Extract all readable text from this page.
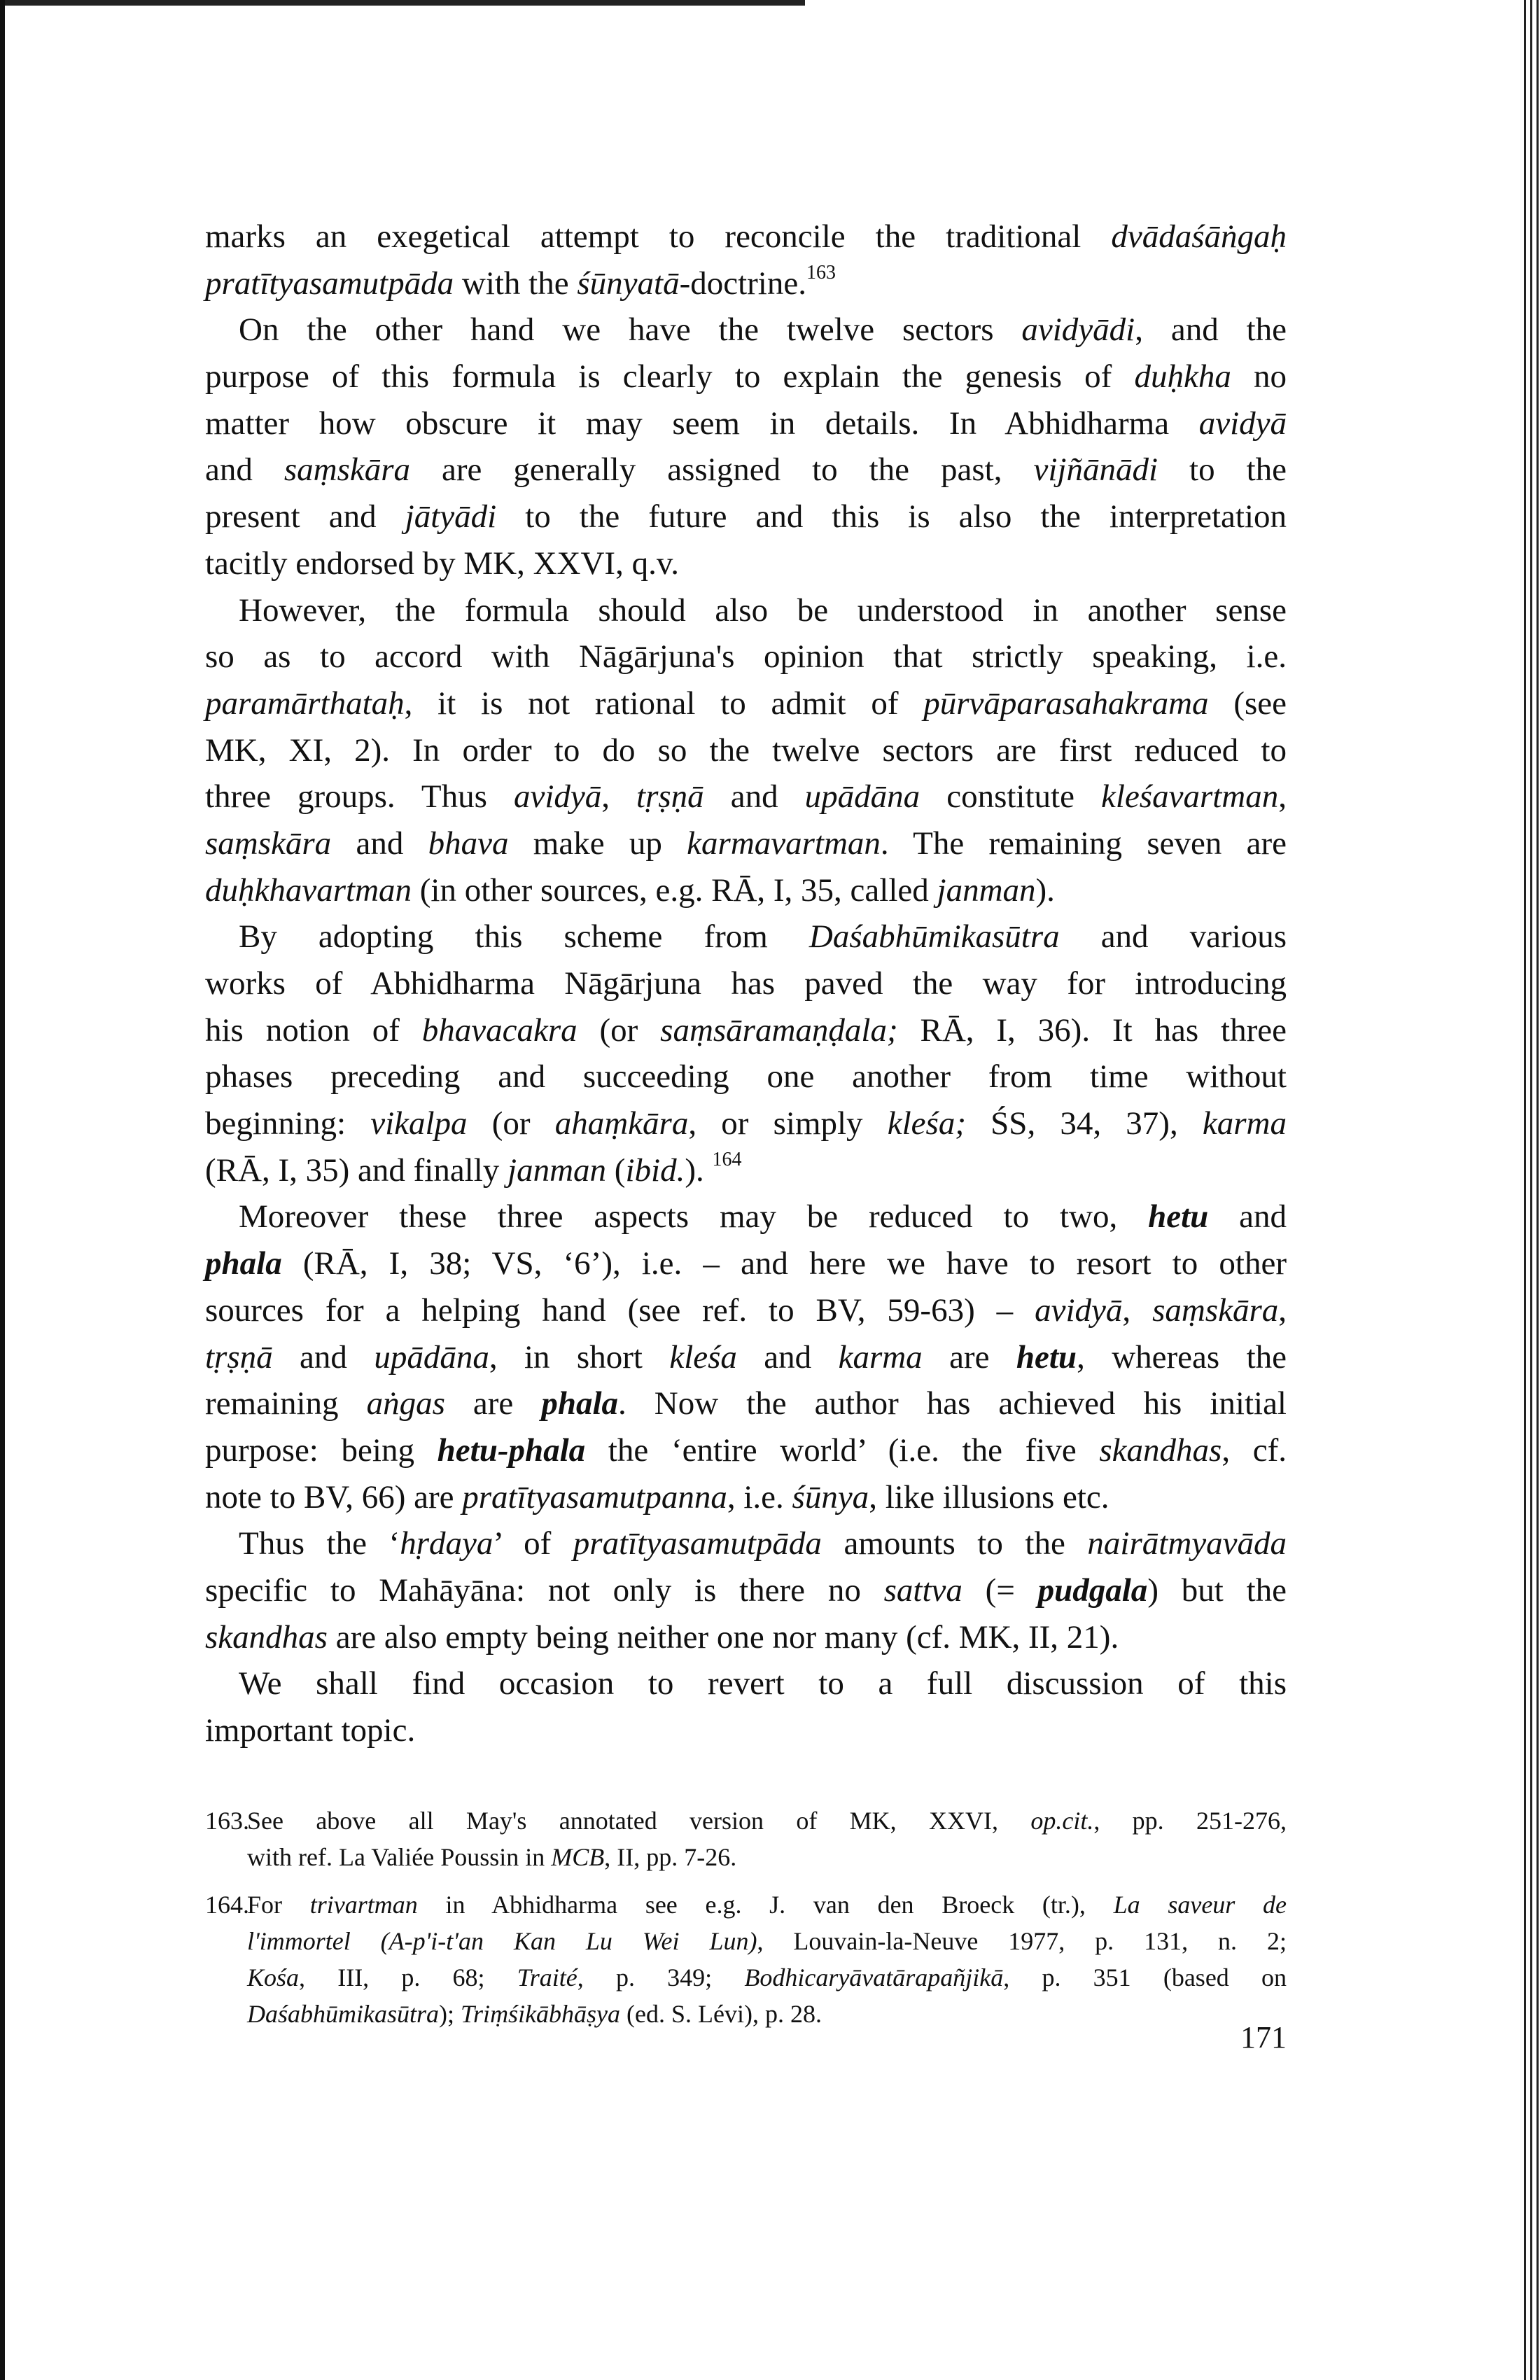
marks an exegetical attempt to reconcile the traditional dvādaśāṅgaḥ
pratītyasamutpāda with the śūnyatā-doctrine.$^{163}$
On the other hand we have the twelve sectors avidyādi, and the
purpose of this formula is clearly to explain the genesis of duḥkha no
matter how obscure it may seem in details. In Abhidharma avidyā
and saṃskāra are generally assigned to the past, vijñānādi to the
present and jātyādi to the future and this is also the interpretation
tacitly endorsed by MK, XXVI, q.v.
However, the formula should also be understood in another sense
so as to accord with Nāgārjuna's opinion that strictly speaking, i.e.
paramārthataḥ, it is not rational to admit of pūrvāparasahakrama (see
MK, XI, 2). In order to do so the twelve sectors are first reduced to
three groups. Thus avidyā, tṛṣṇā and upādāna constitute kleśavartman,
saṃskāra and bhava make up karmavartman. The remaining seven are
duḥkhavartman (in other sources, e.g. RĀ, I, 35, called janman).
By adopting this scheme from Daśabhūmikasūtra and various
works of Abhidharma Nāgārjuna has paved the way for introducing
his notion of bhavacakra (or saṃsāramaṇḍala; RĀ, I, 36). It has three
phases preceding and succeeding one another from time without
beginning: vikalpa (or ahaṃkāra, or simply kleśa; ŚS, 34, 37), karma
(RĀ, I, 35) and finally janman (ibid.). $^{164}$
Moreover these three aspects may be reduced to two, hetu and
phala (RĀ, I, 38; VS, ‘6’), i.e. – and here we have to resort to other
sources for a helping hand (see ref. to BV, 59-63) – avidyā, saṃskāra,
tṛṣṇā and upādāna, in short kleśa and karma are hetu, whereas the
remaining aṅgas are phala. Now the author has achieved his initial
purpose: being hetu-phala the ‘entire world’ (i.e. the five skandhas, cf.
note to BV, 66) are pratītyasamutpanna, i.e. śūnya, like illusions etc.
Thus the ‘hṛdaya’ of pratītyasamutpāda amounts to the nairātmyavāda
specific to Mahāyāna: not only is there no sattva (= pudgala) but the
skandhas are also empty being neither one nor many (cf. MK, II, 21).
We shall find occasion to revert to a full discussion of this
important topic.
163.
See above all May's annotated version of MK, XXVI, op.cit., pp. 251-276,
with ref. La Valiée Poussin in MCB, II, pp. 7-26.
164.
For trivartman in Abhidharma see e.g. J. van den Broeck (tr.), La saveur de
l'immortel (A-p'i-t'an Kan Lu Wei Lun), Louvain-la-Neuve 1977, p. 131, n. 2;
Kośa, III, p. 68; Traité, p. 349; Bodhicaryāvatārapañjikā, p. 351 (based on
Daśabhūmikasūtra); Triṃśikābhāṣya (ed. S. Lévi), p. 28.
171
